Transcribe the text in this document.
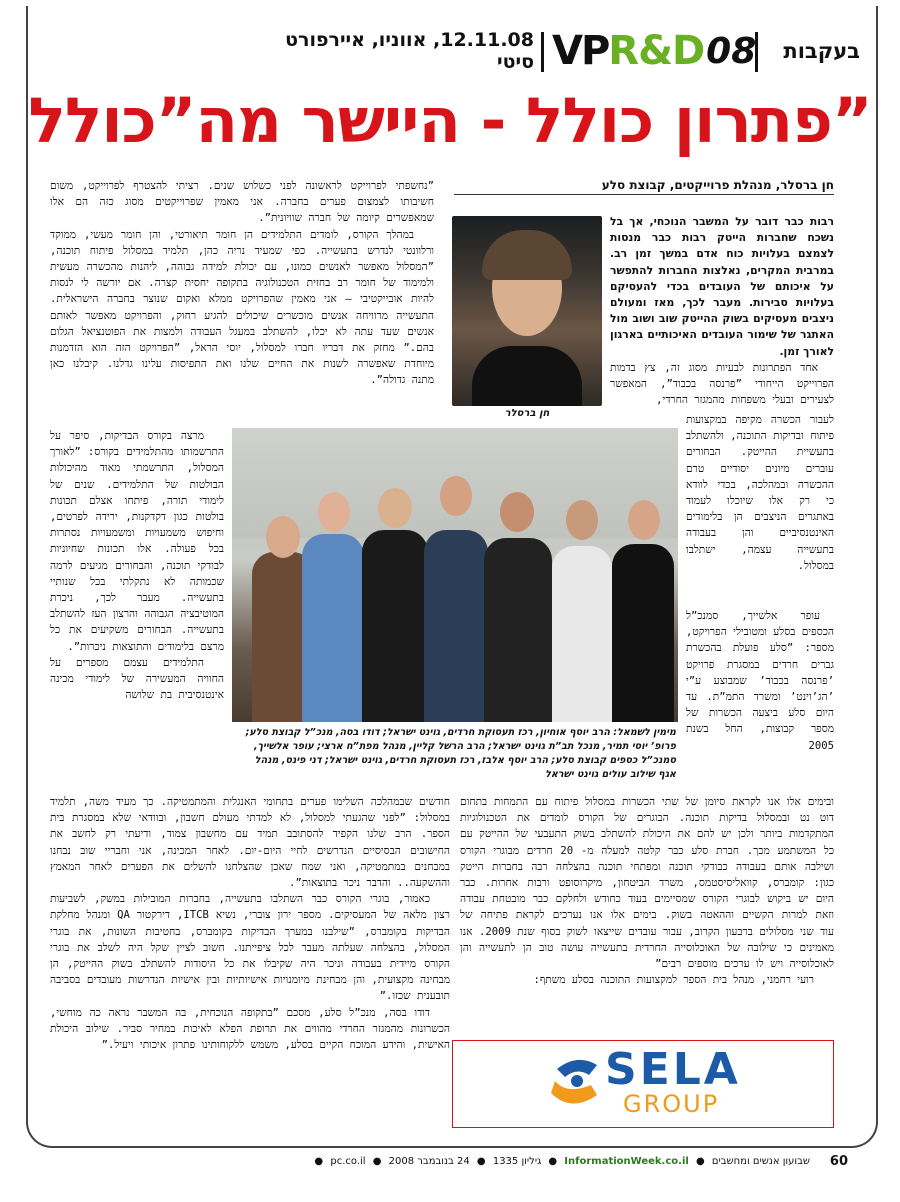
בעקבות
VP R&D 08
12.11.08, אווניו, איירפורט סיטי
פתרון כולל - היישר מה”כולל”
חן ברסלר, מנהלת פרוייקטים, קבוצת סלע
חן ברסלר
רבות כבר דובר על המשבר הנוכחי, אך בל נשכח שחברות הייטק רבות כבר מנסות לצמצם בעלויות כוח אדם במשך זמן רב. במרבית המקרים, נאלצות החברות להתפשר על איכותם של העובדים בכדי להעסיקם בעלויות סבירות. מעבר לכך, מאז ומעולם ניצבים מעסיקים בשוק ההייטק שוב ושוב מול האתגר של שימור העובדים האיכותיים בארגון לאורך זמן.
אחד הפתרונות לבעיות מסוג זה, צץ בדמות הפרוייקט הייחודי ”פרנסה בכבוד”, המאפשר לצעירים ובעלי משפחות מהמגזר החרדי,
לעבור הכשרה מקיפה במקצועות פיתוח ובדיקות התוכנה, ולהשתלב בתעשיית ההייטק. הבחורים עוברים מיונים יסודיים טרם ההכשרה ובמהלכה, בכדי לוודא כי רק אלו שיוכלו לעמוד באתגרים הניצבים הן בלימודים האינטנסיביים והן בעבודה בתעשייה עצמה, ישתלבו במסלול.
עופר אלשייך, סמנכ”ל הכספים בסלע ומטובילי הפרויקט, מספר: ”סלע פועלת בהכשרת גברים חרדים במסגרת פרויקט ’פרנסה בכבוד’ שמבוצע ע”י ’הג’וינט’ ומשרד התמ”ת. עד היום סלע ביצעה הכשרות של מספר קבוצות, החל בשנת 2005
מימין לשמאל: הרב יוסף אוחיון, רכז תעסוקת חרדים, גוינט ישראל; דודו בסה, מנכ”ל קבוצת סלע; פרופ’ יוסי תמיר, מנכל תב”ת גוינט ישראל; הרב הרשל קליין, מנהל מפת”ח ארצי; עופר אלשייך, סמנכ”ל כספים קבוצת סלע; הרב יוסף אלבז, רכז תעסוקת חרדים, גוינט ישראל; דני פינס, מנהל אגף שילוב עולים גוינט ישראל

”נחשפתי לפרוייקט לראשונה לפני כשלוש שנים. רציתי להצטרף לפרוייקט, משום חשיבותו לצמצום פערים בחברה. אני מאמין שפרוייקטים מסוג כזה הם אלו שמאפשרים קיומה של חברה שוויונית”.

במהלך הקורס, לומדים התלמידים הן חומר תיאורטי, והן חומר מעשי, ממוקד ורלוונטי לנדרש בתעשייה. כפי שמעיד נריה כהן, תלמיד במסלול פיתוח תוכנה, ”המסלול מאפשר לאנשים כמונו, עם יכולת למידה גבוהה, ליהנות מהכשרה מעשית ולמימוד של חומר רב בחזית הטכנולוגיה בתקופה יחסית קצרה. אם יורשה לי לנסות להיות אובייקטיבי – אני מאמין שהפרויקט ממלא ואקום שנוצר בחברה הישראלית. התעשייה מרוויחה אנשים מוכשרים שיכולים להגיע רחוק, והפרויקט מאפשר לאותם אנשים שעד עתה לא יכלו, להשתלב במעגל העבודה ולמצות את הפוטנציאל הגלום בהם.” מחזק את דבריו חברו למסלול, יוסי הראל, ”הפרויקט הזה הוא הזדמנות מיוחדת שאפשרה לשנות את החיים שלנו ואת התפיסות עלינו גדלנו. קיבלנו כאן מתנה גדולה”.

מרצה בקורס הבדיקות, סיפר על התרשמותו מהתלמידים בקורס: ”לאורך המסלול, התרשמתי מאוד מהיכולות הבולטות של התלמידים. שנים של לימודי תורה, פיתחו אצלם תכונות בולטות כגון דקדקנות, ירידה לפרטים, וחיפוש משמעויות ומשמעויות נסתרות בכל פעולה. אלו תכונות שחיוניות לבודקי תוכנה, והבחורים מגיעים לרמה שכמותה לא נתקלתי בכל שנותיי בתעשייה. מעבר לכך, ניכרת המוטיבציה הגבוהה והרצון העז להשתלב בתעשייה. הבחורים משקיעים את כל מרצם בלימודים והתוצאות ניכרות”.

התלמידים עצמם מספרים על החוויה המעשירה של לימודי מכינה אינטנסיבית בת שלושה

חודשים שבמהלכה השלימו פערים בתחומי האנגלית והמתמטיקה. כך מעיד משה, תלמיד במסלול: ”לפני שהגעתי למסלול, לא למדתי מעולם חשבון, ובוודאי שלא במסגרת בית הספר. הרב שלנו הקפיד להסתובב תמיד עם מחשבון צמוד, ודיעתי רק לחשב את החישובים הבסיסיים הנדרשים לחיי היום-יום. לאחר המכינה, אני וחבריי שוב נבחנו במבחנים במתמטיקה, ואני שמח שאכן שהצלחנו להשלים את הפערים לאחר המאמץ וההשקעה.. והדבר ניכר בתוצאות”.

כאמור, בוגרי הקורס כבר השתלבו בתעשייה, בחברות המובילות במשק, לשביעות רצון מלאה של המעסיקים. מספר ירון צוברי, נשיא ITCB, דירקטור QA ומנהל מחלקת הבדיקות בקומברס, ”שילבנו במערך הבדיקות בקומברס, בחטיבות השונות, את בוגרי המסלול, בהצלחה שעלתה מעבר לכל ציפייתנו. חשוב לציין שקל היה לשלב את בוגרי הקורס מיידית בעבודה וניכר היה שקיבלו את כל היסודות להשתלב בשוק ההייטק, הן מבחינה מקצועית, והן מבחינת מיומנויות אישיותיות ובין אישיות הנדרשות מעובדים בסביבה תובענית שכזו.”

דודו בסה, מנכ”ל סלע, מסכם ”בתקופה הנוכחית, בה המשבר נראה כה מוחשי, הכשרונות מהמגזר החרדי מהווים את תרופת הפלא לאיכות במחיר סביר. שילוב היכולת האישית, והידע המוכח הקיים בסלע, משמש ללקוחותינו פתרון איכותי ויעיל.”

ובימים אלו אנו לקראת סיומן של שתי הכשרות במסלול פיתוח עם התמחות בתחום דוט נט ובמסלול בדיקות תוכנה. הבוגרים של הקורס לומדים את הטכנולוגיות המתקדמות ביותר ולכן יש להם את היכולת להשתלב בשוק התעבעי של ההייטק עם כל המשתמע מכך. חברת סלע כבר קלטה למעלה מ- 20 חרדים מבוגרי הקורס ושילבה אותם בעבודה כבודקי תוכנה ומפתחי תוכנה בהצלחה רבה בחברות הייטק כגון: קומברס, קוואליסיסטמס, משרד הביטחון, מיקרוסופט ורבות אחרות. כבר היום יש ביקוש לבוגרי הקורס שמסיימים בעוד כחודש ולחלקם כבר מובטחת עבודה וזאת למרות הקשיים וההאטה בשוק. בימים אלו אנו נערכים לקראת פתיחה של עוד שני מסלולים ברבעון הקרוב, עבור עובדים שייצאו לשוק בסוף שנת 2009. אנו מאמינים כי שילובה של האוכלוסייה החרדית בתעשייה עושה טוב הן לתעשייה והן לאוכלוסייה ויש לו ערכים מוספים רבים”

רועי רחמני, מנהל בית הספר למקצועות התוכנה בסלע משתף:

SELA
GROUP
60
שבועון אנשים ומחשבים ● InformationWeek.co.il ● גיליון 1335 ● 24 בנובמבר 2008 ● pc.co.il ●
